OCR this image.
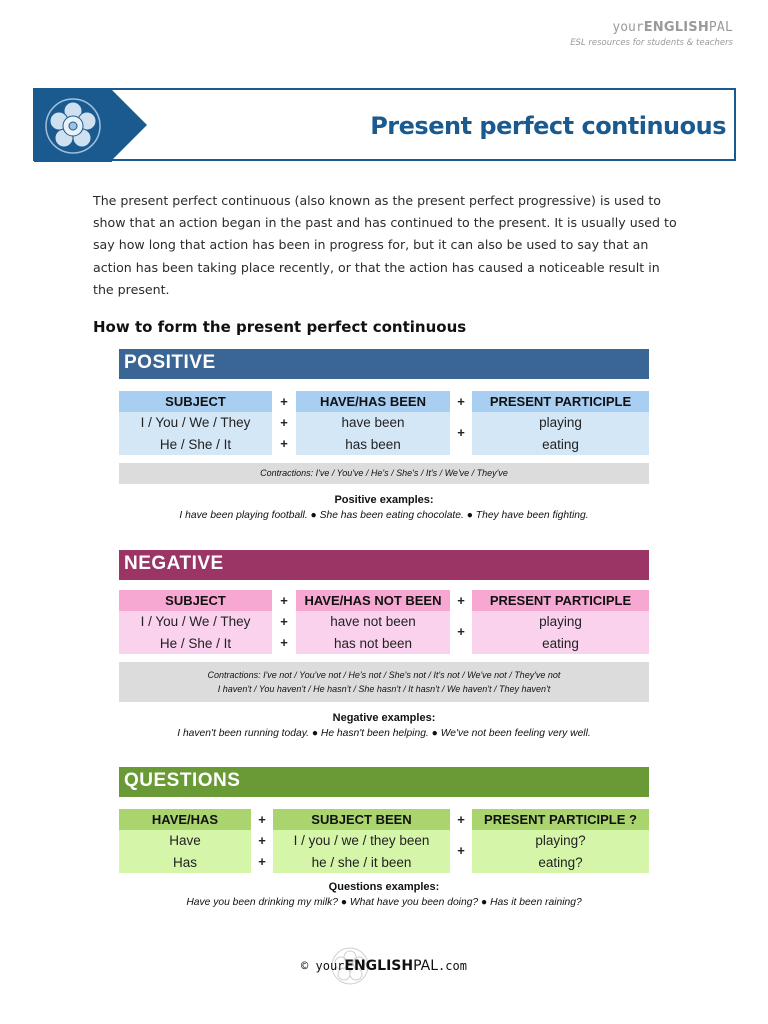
yourENGLISHPAL
ESL resources for students & teachers
Present perfect continuous

The present perfect continuous (also known as the present perfect progressive) is used to show that an action began in the past and has continued to the present. It is usually used to say how long that action has been in progress for, but it can also be used to say that an action has been taking place recently, or that the action has caused a noticeable result in the present.

How to form the present perfect continuous
POSITIVE
SUBJECT
I / You / We / They
He / She / It
+
+
+
HAVE/HAS BEEN
have been
has been
+
+
PRESENT PARTICIPLE
playing
eating
Contractions: I've / You've / He's / She's / It's / We've / They've
Positive examples:
I have been playing football. ● She has been eating chocolate. ● They have been fighting.
NEGATIVE
SUBJECT
I / You / We / They
He / She / It
+
+
+
HAVE/HAS NOT BEEN
have not been
has not been
+
+
PRESENT PARTICIPLE
playing
eating
Contractions: I've not / You've not / He's not / She's not / It's not / We've not / They've not
I haven't / You haven't / He hasn't / She hasn't / It hasn't / We haven't / They haven't
Negative examples:
I haven't been running today. ● He hasn't been helping. ● We've not been feeling very well.
QUESTIONS
HAVE/HAS
Have
Has
+
+
+
SUBJECT BEEN
I / you / we / they been
he / she / it been
+
+
PRESENT PARTICIPLE ?
playing?
eating?
Questions examples:
Have you been drinking my milk? ● What have you been doing? ● Has it been raining?
© yourENGLISHPAL.com
